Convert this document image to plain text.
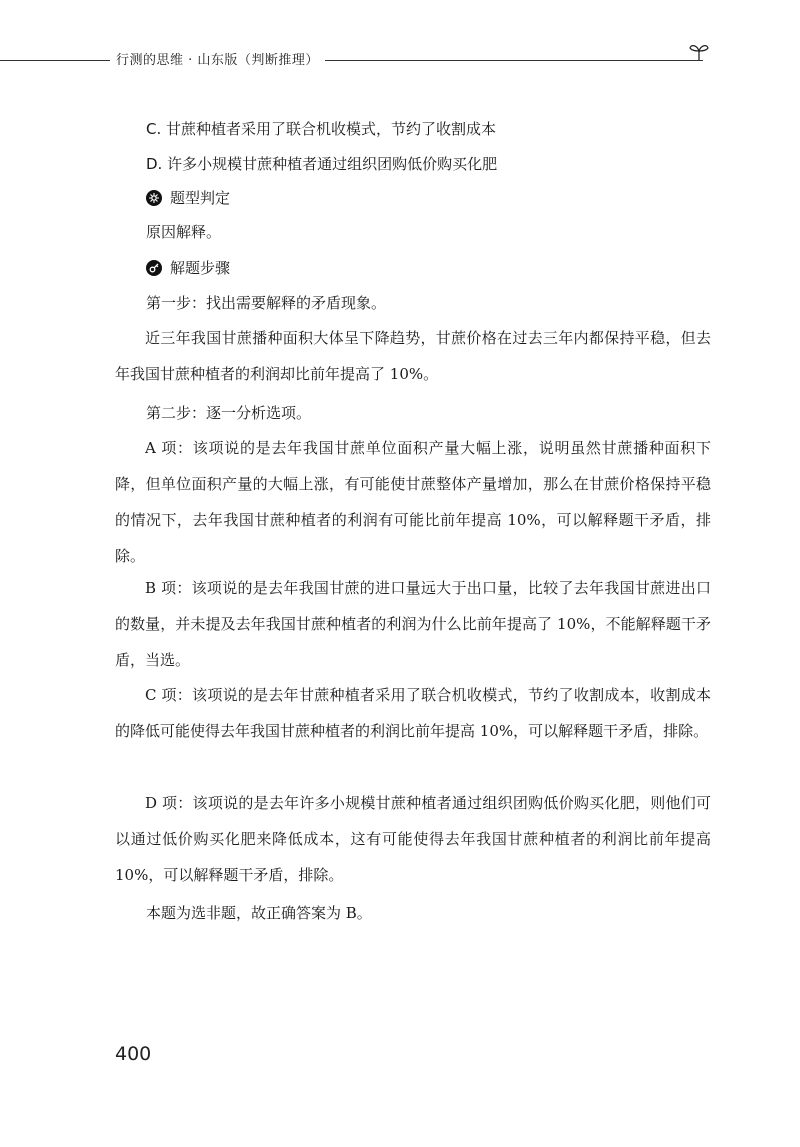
行测的思维 · 山东版（判断推理）
C. 甘蔗种植者采用了联合机收模式，节约了收割成本
D. 许多小规模甘蔗种植者通过组织团购低价购买化肥
题型判定
原因解释。
解题步骤
第一步：找出需要解释的矛盾现象。
近三年我国甘蔗播种面积大体呈下降趋势，甘蔗价格在过去三年内都保持平稳，但去年我国甘蔗种植者的利润却比前年提高了 10%。
第二步：逐一分析选项。
A 项：该项说的是去年我国甘蔗单位面积产量大幅上涨，说明虽然甘蔗播种面积下降，但单位面积产量的大幅上涨，有可能使甘蔗整体产量增加，那么在甘蔗价格保持平稳的情况下，去年我国甘蔗种植者的利润有可能比前年提高 10%，可以解释题干矛盾，排除。
B 项：该项说的是去年我国甘蔗的进口量远大于出口量，比较了去年我国甘蔗进出口的数量，并未提及去年我国甘蔗种植者的利润为什么比前年提高了 10%，不能解释题干矛盾，当选。
C 项：该项说的是去年甘蔗种植者采用了联合机收模式，节约了收割成本，收割成本的降低可能使得去年我国甘蔗种植者的利润比前年提高 10%，可以解释题干矛盾，排除。
D 项：该项说的是去年许多小规模甘蔗种植者通过组织团购低价购买化肥，则他们可以通过低价购买化肥来降低成本，这有可能使得去年我国甘蔗种植者的利润比前年提高 10%，可以解释题干矛盾，排除。
本题为选非题，故正确答案为 B。
400
